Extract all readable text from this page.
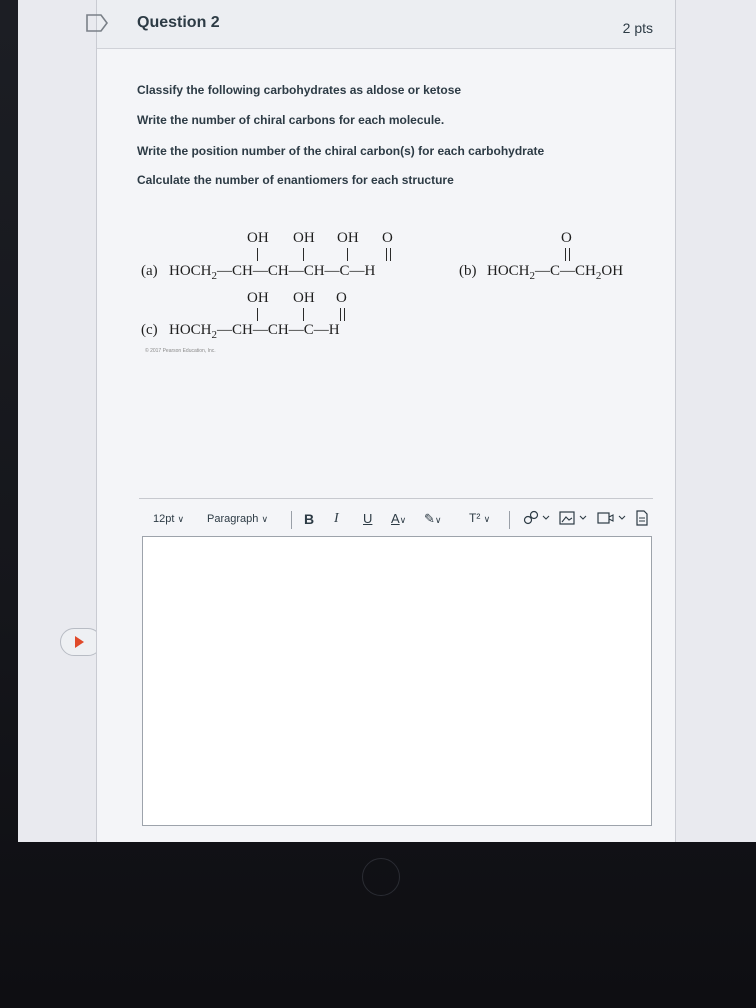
Question 2	2 pts
Classify the following carbohydrates as aldose or ketose
Write the number of chiral carbons for each molecule.
Write the position number of the chiral carbon(s) for each carbohydrate
Calculate the number of enantiomers for each structure
OH OH OH O
(a) $HOCH_2—CH—CH—CH—C—H$
O
(b) $HOCH_2—C—CH_2OH$
OH OH O
(c) $HOCH_2—CH—CH—C—H$
© 2017 Pearson Education, Inc.
12pt ∨ Paragraph ∨	B I U A∨ ✎∨ T² ∨
